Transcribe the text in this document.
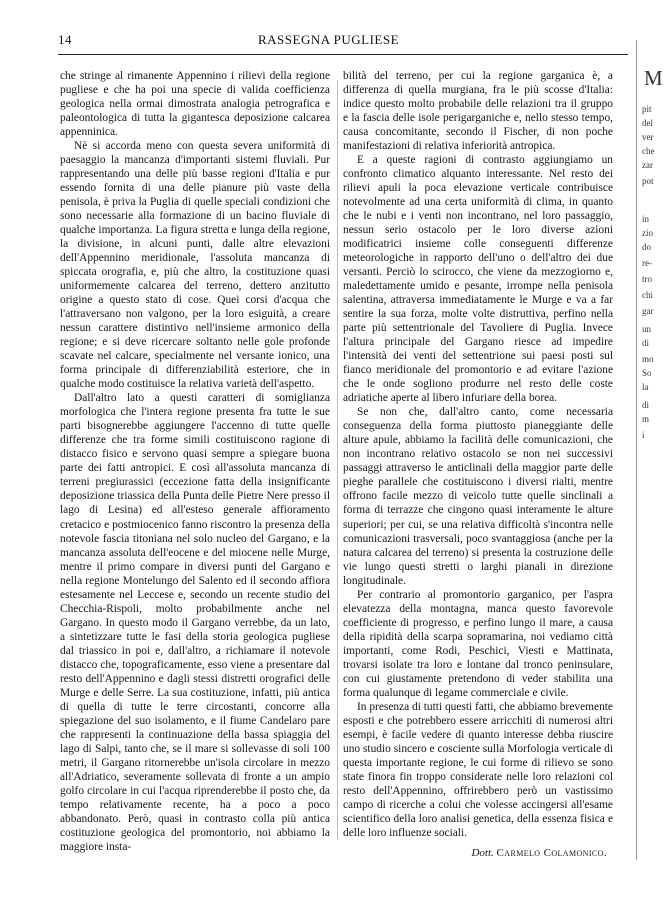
14	RASSEGNA PUGLIESE

che stringe al rimanente Appennino i rilievi della regione pugliese e che ha poi una specie di valida coefficienza geologica nella ormai dimostrata analogia petrografica e paleontologica di tutta la gigantesca deposizione calcarea appenninica.

Nè si accorda meno con questa severa uniformità di paesaggio la mancanza d'importanti sistemi fluviali. Pur rappresentando una delle più basse regioni d'Italia e pur essendo fornita di una delle pianure più vaste della penisola, è priva la Puglia di quelle speciali condizioni che sono necessarie alla formazione di un bacino fluviale di qualche importanza. La figura stretta e lunga della regione, la divisione, in alcuni punti, dalle altre elevazioni dell'Appennino meridionale, l'assoluta mancanza di spiccata orografia, e, più che altro, la costituzione quasi uniformemente calcarea del terreno, dettero anzitutto origine a questo stato di cose. Quei corsi d'acqua che l'attraversano non valgono, per la loro esiguità, a creare nessun carattere distintivo nell'insieme armonico della regione; e si deve ricercare soltanto nelle gole profonde scavate nel calcare, specialmente nel versante ionico, una forma principale di differenziabilità esteriore, che in qualche modo costituisce la relativa varietà dell'aspetto.

Dall'altro lato a questi caratteri di somiglianza morfologica che l'intera regione presenta fra tutte le sue parti bisognerebbe aggiungere l'accenno di tutte quelle differenze che tra forme simili costituiscono ragione di distacco fisico e servono quasi sempre a spiegare buona parte dei fatti antropici. E così all'assoluta mancanza di terreni pregiurassici (eccezione fatta della insignificante deposizione triassica della Punta delle Pietre Nere presso il lago di Lesina) ed all'esteso generale affioramento cretacico e postmiocenico fanno riscontro la presenza della notevole fascia titoniana nel solo nucleo del Gargano, e la mancanza assoluta dell'eocene e del miocene nelle Murge, mentre il primo compare in diversi punti del Gargano e nella regione Montelungo del Salento ed il secondo affiora estesamente nel Leccese e, secondo un recente studio del Checchia-Rispoli, molto probabilmente anche nel Gargano. In questo modo il Gargano verrebbe, da un lato, a sintetizzare tutte le fasi della storia geologica pugliese dal triassico in poi e, dall'altro, a richiamare il notevole distacco che, topograficamente, esso viene a presentare dal resto dell'Appennino e dagli stessi distretti orografici delle Murge e delle Serre. La sua costituzione, infatti, più antica di quella di tutte le terre circostanti, concorre alla spiegazione del suo isolamento, e il fiume Candelaro pare che rappresenti la continuazione della bassa spiaggia del lago di Salpi, tanto che, se il mare si sollevasse di soli 100 metri, il Gargano ritornerebbe un'isola circolare in mezzo all'Adriatico, severamente sollevata di fronte a un ampio golfo circolare in cui l'acqua riprenderebbe il posto che, da tempo relativamente recente, ha a poco a poco abbandonato. Però, quasi in contrasto colla più antica costituzione geologica del promontorio, noi abbiamo la maggiore insta-

bilità del terreno, per cui la regione garganica è, a differenza di quella murgiana, fra le più scosse d'Italia: indice questo molto probabile delle relazioni tra il gruppo e la fascia delle isole perigarganiche e, nello stesso tempo, causa concomitante, secondo il Fischer, di non poche manifestazioni di relativa inferiorità antropica.

E a queste ragioni di contrasto aggiungiamo un confronto climatico alquanto interessante. Nel resto dei rilievi apuli la poca elevazione verticale contribuisce notevolmente ad una certa uniformità di clima, in quanto che le nubi e i venti non incontrano, nel loro passaggio, nessun serio ostacolo per le loro diverse azioni modificatrici insieme colle conseguenti differenze meteorologiche in rapporto dell'uno o dell'altro dei due versanti. Perciò lo scirocco, che viene da mezzogiorno e, maledettamente umido e pesante, irrompe nella penisola salentina, attraversa immediatamente le Murge e va a far sentire la sua forza, molte volte distruttiva, perfino nella parte più settentrionale del Tavoliere di Puglia. Invece l'altura principale del Gargano riesce ad impedire l'intensità dei venti del settentrione sui paesi posti sul fianco meridionale del promontorio e ad evitare l'azione che le onde sogliono produrre nel resto delle coste adriatiche aperte al libero infuriare della borea.

Se non che, dall'altro canto, come necessaria conseguenza della forma piuttosto pianeggiante delle alture apule, abbiamo la facilità delle comunicazioni, che non incontrano relativo ostacolo se non nei successivi passaggi attraverso le anticlinali della maggior parte delle pieghe parallele che costituiscono i diversi rialti, mentre offrono facile mezzo di veicolo tutte quelle sinclinali a forma di terrazze che cingono quasi interamente le alture superiori; per cui, se una relativa difficoltà s'incontra nelle comunicazioni trasversali, poco svantaggiosa (anche per la natura calcarea del terreno) si presenta la costruzione delle vie lungo questi stretti o larghi pianali in direzione longitudinale.

Per contrario al promontorio garganico, per l'aspra elevatezza della montagna, manca questo favorevole coefficiente di progresso, e perfino lungo il mare, a causa della ripidità della scarpa sopramarina, noi vediamo città importanti, come Rodi, Peschici, Viesti e Mattinata, trovarsi isolate tra loro e lontane dal tronco peninsulare, con cui giustamente pretendono di veder stabilita una forma qualunque di legame commerciale e civile.

In presenza di tutti questi fatti, che abbiamo brevemente esposti e che potrebbero essere arricchiti di numerosi altri esempi, è facile vedere di quanto interesse debba riuscire uno studio sincero e cosciente sulla Morfologia verticale di questa importante regione, le cui forme di rilievo se sono state finora fin troppo considerate nelle loro relazioni col resto dell'Appennino, offrirebbero però un vastissimo campo di ricerche a colui che volesse accingersi all'esame scientifico della loro analisi genetica, della essenza fisica e delle loro influenze sociali.

Dott. Carmelo Colamonico.

M
pit
del
ver
che
zar
pot
in
zio
do
re-
tro
chi
gar
un
di
mo
So
la
di
m
i
